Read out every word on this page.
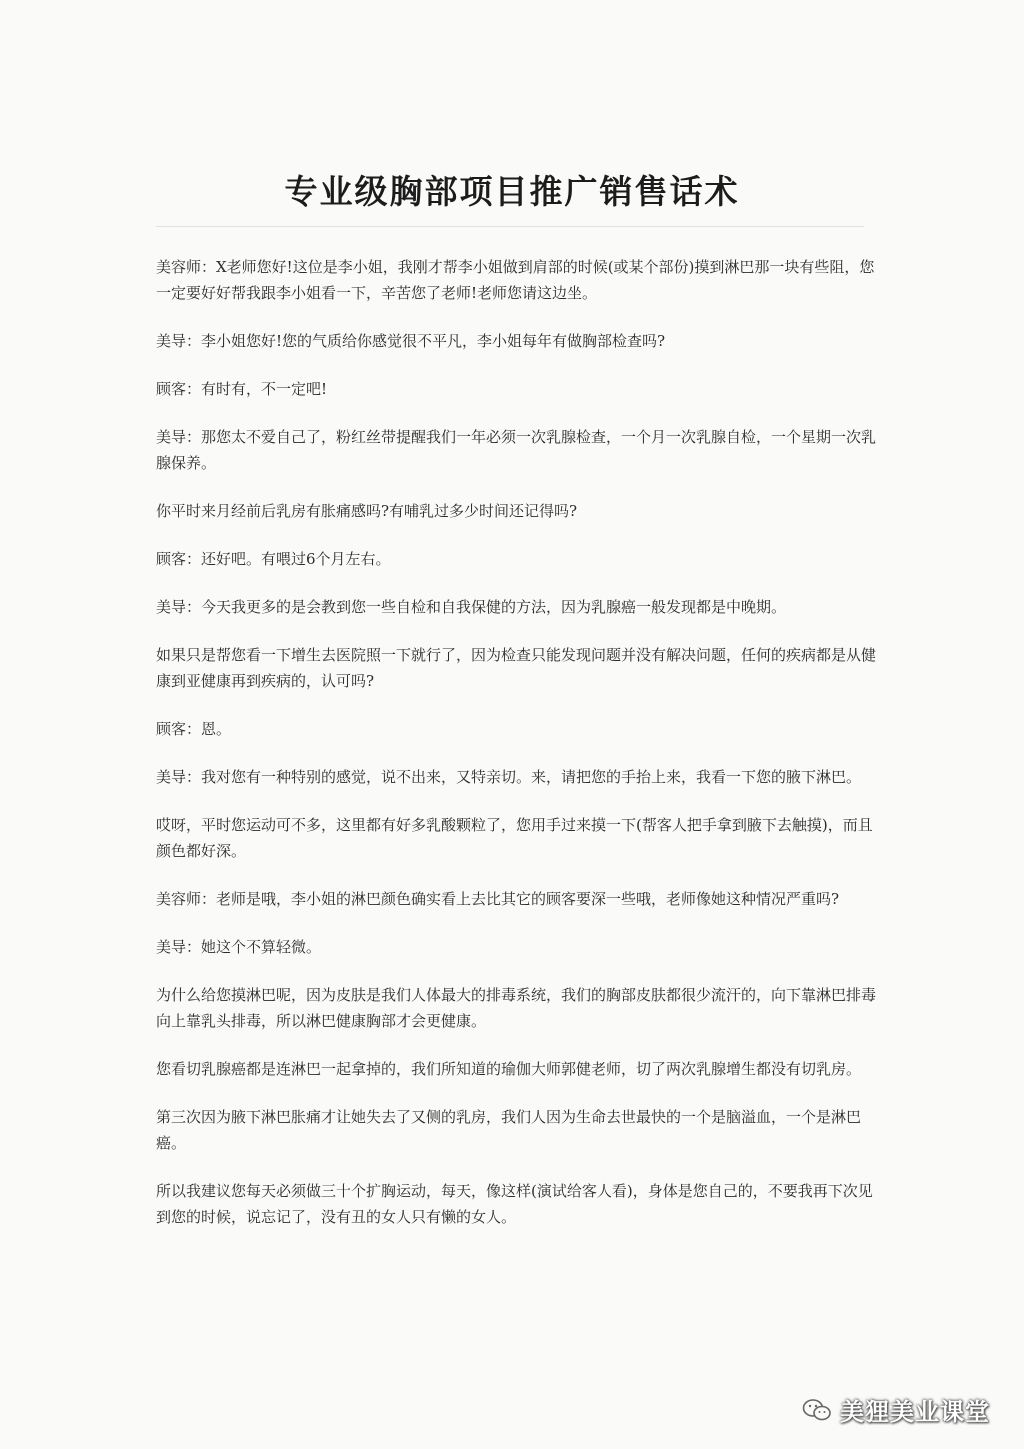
专业级胸部项目推广销售话术

美容师：X老师您好!这位是李小姐，我刚才帮李小姐做到肩部的时候(或某个部份)摸到淋巴那一块有些阻，您一定要好好帮我跟李小姐看一下，辛苦您了老师!老师您请这边坐。

美导：李小姐您好!您的气质给你感觉很不平凡，李小姐每年有做胸部检查吗?

顾客：有时有，不一定吧!

美导：那您太不爱自己了，粉红丝带提醒我们一年必须一次乳腺检查，一个月一次乳腺自检，一个星期一次乳腺保养。

你平时来月经前后乳房有胀痛感吗?有哺乳过多少时间还记得吗?

顾客：还好吧。有喂过6个月左右。

美导：今天我更多的是会教到您一些自检和自我保健的方法，因为乳腺癌一般发现都是中晚期。

如果只是帮您看一下增生去医院照一下就行了，因为检查只能发现问题并没有解决问题，任何的疾病都是从健康到亚健康再到疾病的，认可吗?

顾客：恩。

美导：我对您有一种特别的感觉，说不出来，又特亲切。来，请把您的手抬上来，我看一下您的腋下淋巴。

哎呀，平时您运动可不多，这里都有好多乳酸颗粒了，您用手过来摸一下(帮客人把手拿到腋下去触摸)，而且颜色都好深。

美容师：老师是哦，李小姐的淋巴颜色确实看上去比其它的顾客要深一些哦，老师像她这种情况严重吗?

美导：她这个不算轻微。

为什么给您摸淋巴呢，因为皮肤是我们人体最大的排毒系统，我们的胸部皮肤都很少流汗的，向下靠淋巴排毒向上靠乳头排毒，所以淋巴健康胸部才会更健康。

您看切乳腺癌都是连淋巴一起拿掉的，我们所知道的瑜伽大师郭健老师，切了两次乳腺增生都没有切乳房。

第三次因为腋下淋巴胀痛才让她失去了又侧的乳房，我们人因为生命去世最快的一个是脑溢血，一个是淋巴癌。

所以我建议您每天必须做三十个扩胸运动，每天，像这样(演试给客人看)，身体是您自己的，不要我再下次见到您的时候，说忘记了，没有丑的女人只有懒的女人。

美狸美业课堂
